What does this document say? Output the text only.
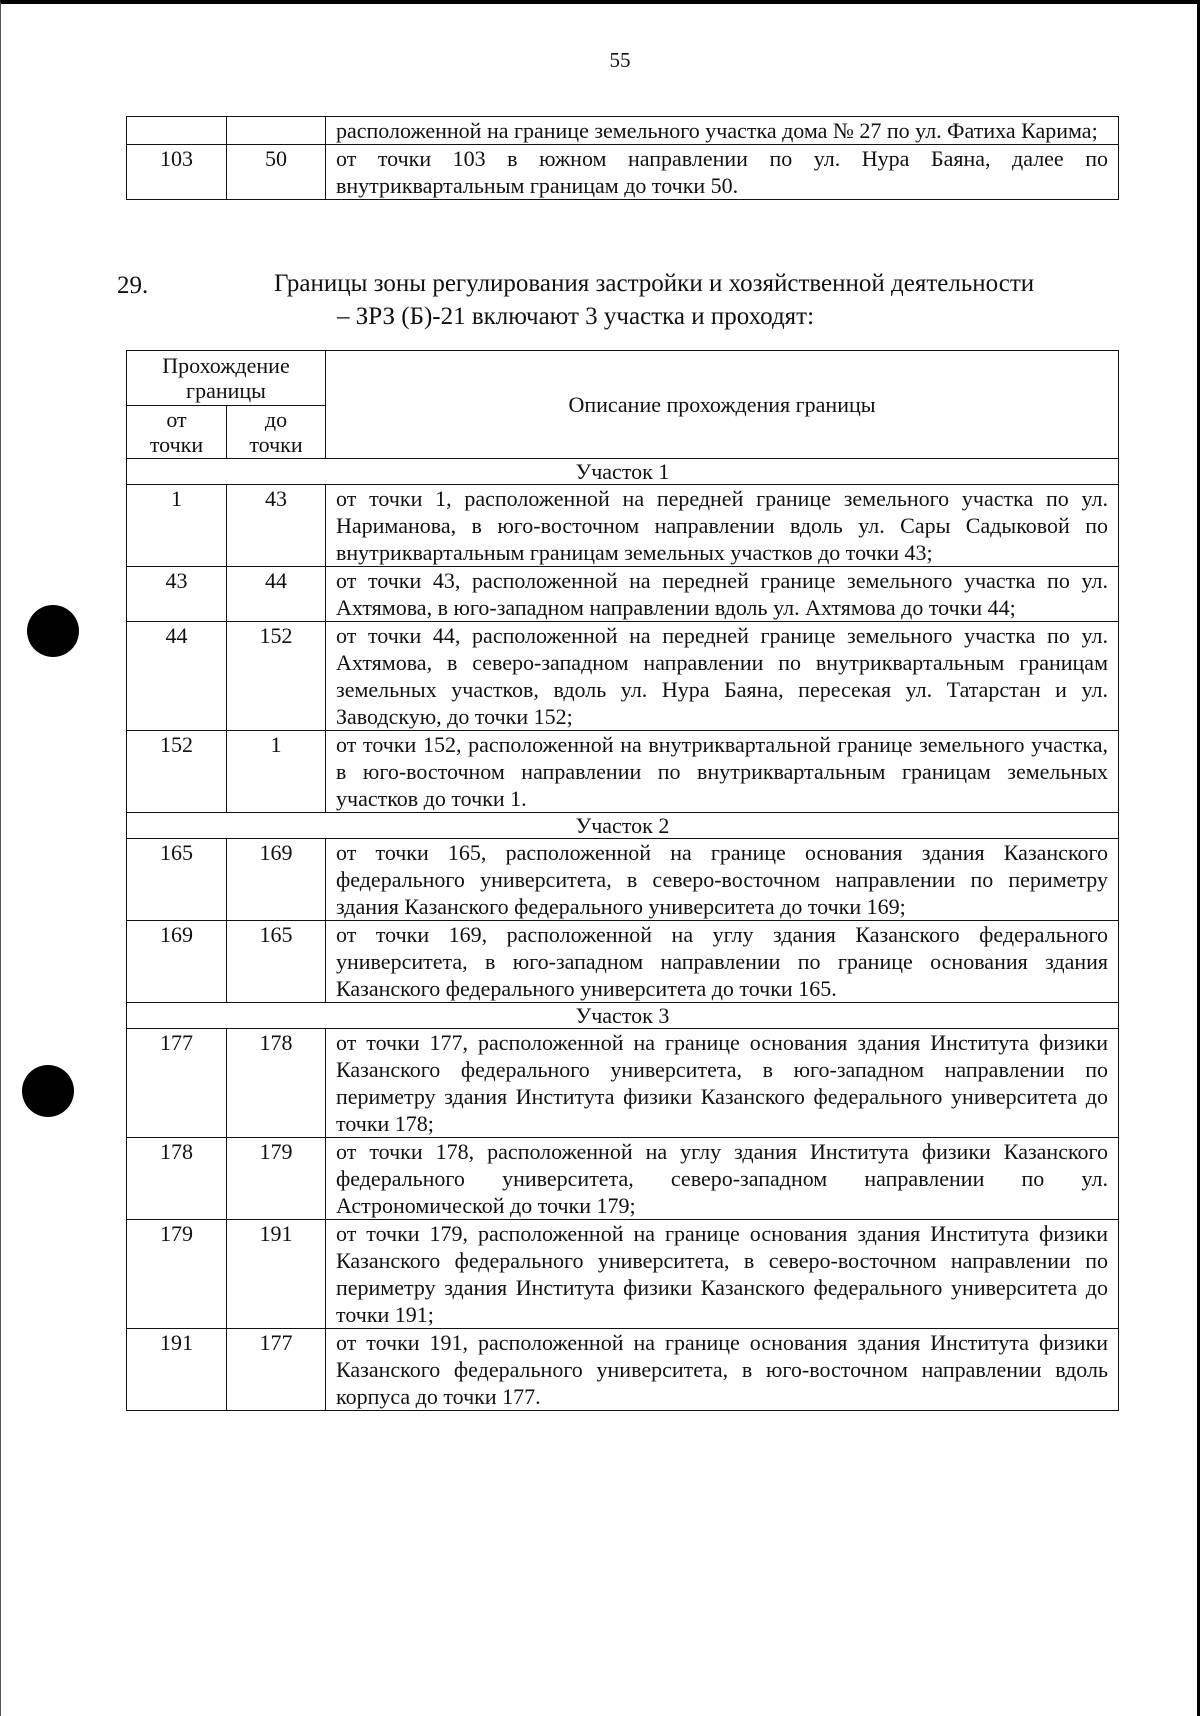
55
		расположенной на границе земельного участка дома № 27 по ул. Фатиха Карима;
103	50	от точки 103 в южном направлении по ул. Нура Баяна, далее по внутриквартальным границам до точки 50.
29.	Границы зоны регулирования застройки и хозяйственной деятельности
– ЗРЗ (Б)-21 включают 3 участка и проходят:
Прохождение границы		Описание прохождения границы
от точки	до точки	
Участок 1		
1	43	от точки 1, расположенной на передней границе земельного участка по ул. Нариманова, в юго-восточном направлении вдоль ул. Сары Садыковой по внутриквартальным границам земельных участков до точки 43;
43	44	от точки 43, расположенной на передней границе земельного участка по ул. Ахтямова, в юго-западном направлении вдоль ул. Ахтямова до точки 44;
44	152	от точки 44, расположенной на передней границе земельного участка по ул. Ахтямова, в северо-западном направлении по внутриквартальным границам земельных участков, вдоль ул. Нура Баяна, пересекая ул. Татарстан и ул. Заводскую, до точки 152;
152	1	от точки 152, расположенной на внутриквартальной границе земельного участка, в юго-восточном направлении по внутриквартальным границам земельных участков до точки 1.
Участок 2		
165	169	от точки 165, расположенной на границе основания здания Казанского федерального университета, в северо-восточном направлении по периметру здания Казанского федерального университета до точки 169;
169	165	от точки 169, расположенной на углу здания Казанского федерального университета, в юго-западном направлении по границе основания здания Казанского федерального университета до точки 165.
Участок 3		
177	178	от точки 177, расположенной на границе основания здания Института физики Казанского федерального университета, в юго-западном направлении по периметру здания Института физики Казанского федерального университета до точки 178;
178	179	от точки 178, расположенной на углу здания Института физики Казанского федерального университета, северо-западном направлении по ул. Астрономической до точки 179;
179	191	от точки 179, расположенной на границе основания здания Института физики Казанского федерального университета, в северо-восточном направлении по периметру здания Института физики Казанского федерального университета до точки 191;
191	177	от точки 191, расположенной на границе основания здания Института физики Казанского федерального университета, в юго-восточном направлении вдоль корпуса до точки 177.
